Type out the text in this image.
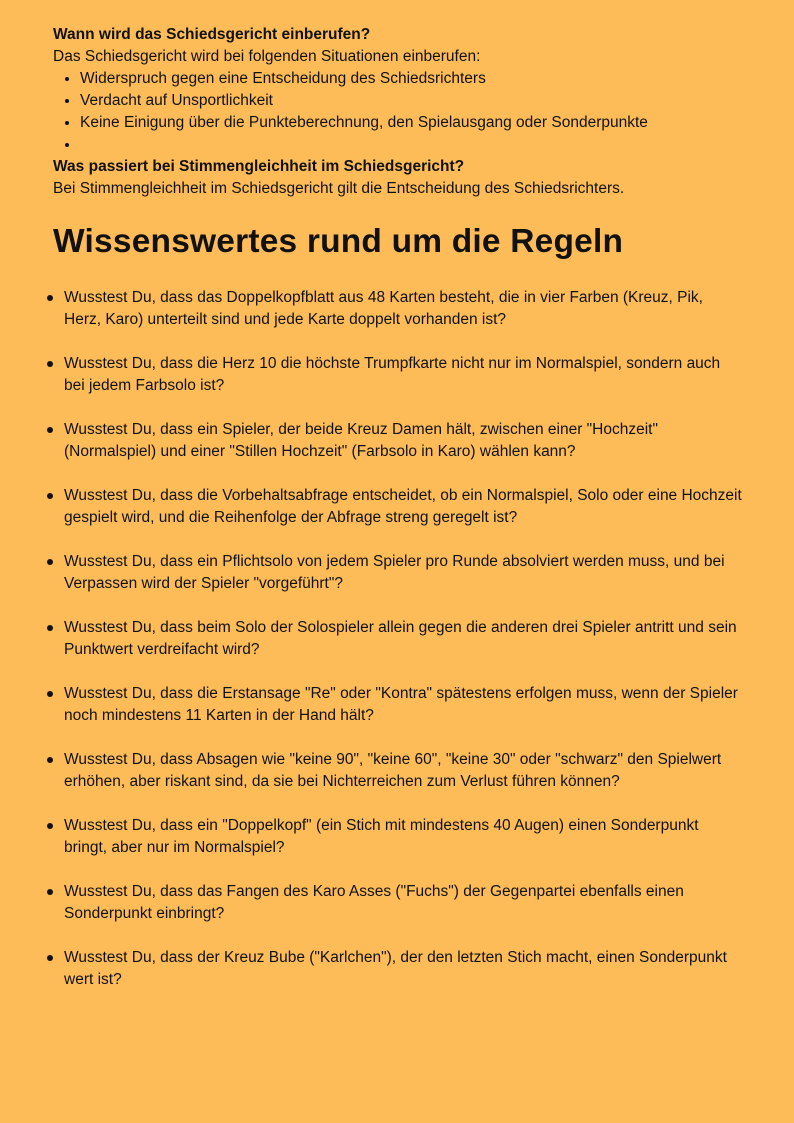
Wann wird das Schiedsgericht einberufen?

Das Schiedsgericht wird bei folgenden Situationen einberufen:

• Widerspruch gegen eine Entscheidung des Schiedsrichters
• Verdacht auf Unsportlichkeit
• Keine Einigung über die Punkteberechnung, den Spielausgang oder Sonderpunkte
•

Was passiert bei Stimmengleichheit im Schiedsgericht?

Bei Stimmengleichheit im Schiedsgericht gilt die Entscheidung des Schiedsrichters.

Wissenswertes rund um die Regeln
Wusstest Du, dass das Doppelkopfblatt aus 48 Karten besteht, die in vier Farben (Kreuz, Pik, Herz, Karo) unterteilt sind und jede Karte doppelt vorhanden ist?
Wusstest Du, dass die Herz 10 die höchste Trumpfkarte nicht nur im Normalspiel, sondern auch bei jedem Farbsolo ist?
Wusstest Du, dass ein Spieler, der beide Kreuz Damen hält, zwischen einer "Hochzeit" (Normalspiel) und einer "Stillen Hochzeit" (Farbsolo in Karo) wählen kann?
Wusstest Du, dass die Vorbehaltsabfrage entscheidet, ob ein Normalspiel, Solo oder eine Hochzeit gespielt wird, und die Reihenfolge der Abfrage streng geregelt ist?
Wusstest Du, dass ein Pflichtsolo von jedem Spieler pro Runde absolviert werden muss, und bei Verpassen wird der Spieler "vorgeführt"?
Wusstest Du, dass beim Solo der Solospieler allein gegen die anderen drei Spieler antritt und sein Punktwert verdreifacht wird?
Wusstest Du, dass die Erstansage "Re" oder "Kontra" spätestens erfolgen muss, wenn der Spieler noch mindestens 11 Karten in der Hand hält?
Wusstest Du, dass Absagen wie "keine 90", "keine 60", "keine 30" oder "schwarz" den Spielwert erhöhen, aber riskant sind, da sie bei Nichterreichen zum Verlust führen können?
Wusstest Du, dass ein "Doppelkopf" (ein Stich mit mindestens 40 Augen) einen Sonderpunkt bringt, aber nur im Normalspiel?
Wusstest Du, dass das Fangen des Karo Asses ("Fuchs") der Gegenpartei ebenfalls einen Sonderpunkt einbringt?
Wusstest Du, dass der Kreuz Bube ("Karlchen"), der den letzten Stich macht, einen Sonderpunkt wert ist?
